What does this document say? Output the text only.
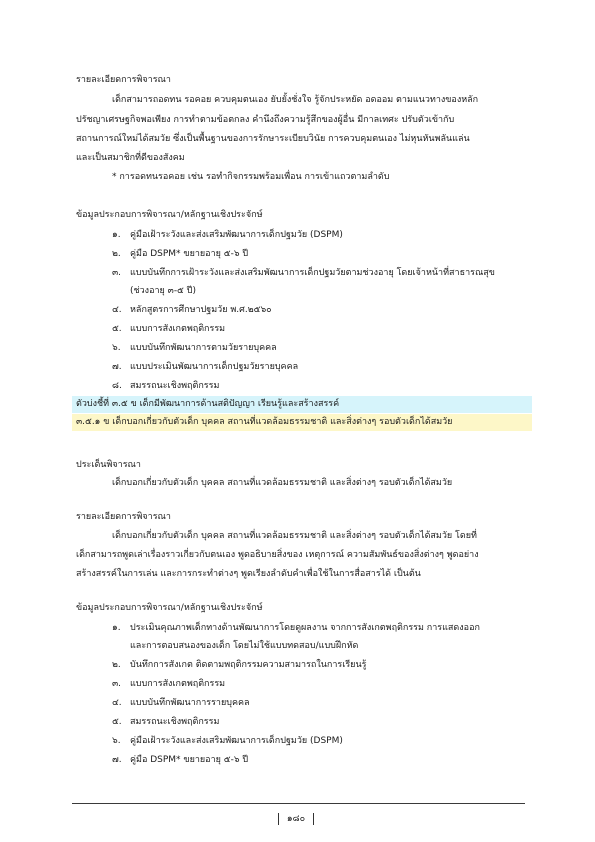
รายละเอียดการพิจารณา
เด็กสามารถอดทน รอคอย ควบคุมตนเอง ยับยั้งชั่งใจ รู้จักประหยัด อดออม ตามแนวทางของหลัก
ปรัชญาเศรษฐกิจพอเพียง การทำตามข้อตกลง คำนึงถึงความรู้สึกของผู้อื่น มีกาลเทศะ ปรับตัวเข้ากับ
สถานการณ์ใหม่ได้สมวัย ซึ่งเป็นพื้นฐานของการรักษาระเบียบวินัย การควบคุมตนเอง ไม่หุนหันพลันแล่น
และเป็นสมาชิกที่ดีของสังคม
* การอดทนรอคอย เช่น รอทำกิจกรรมพร้อมเพื่อน การเข้าแถวตามลำดับ
ข้อมูลประกอบการพิจารณา/หลักฐานเชิงประจักษ์
๑. คู่มือเฝ้าระวังและส่งเสริมพัฒนาการเด็กปฐมวัย (DSPM)
๒. คู่มือ DSPM* ขยายอายุ ๕-๖ ปี
๓. แบบบันทึกการเฝ้าระวังและส่งเสริมพัฒนาการเด็กปฐมวัยตามช่วงอายุ โดยเจ้าหน้าที่สาธารณสุข
(ช่วงอายุ ๓-๕ ปี)
๔. หลักสูตรการศึกษาปฐมวัย พ.ศ.๒๕๖๐
๕. แบบการสังเกตพฤติกรรม
๖. แบบบันทึกพัฒนาการตามวัยรายบุคคล
๗. แบบประเมินพัฒนาการเด็กปฐมวัยรายบุคคล
๘. สมรรถนะเชิงพฤติกรรม
ตัวบ่งชี้ที่ ๓.๕ ข เด็กมีพัฒนาการด้านสติปัญญา เรียนรู้และสร้างสรรค์
๓.๕.๑ ข เด็กบอกเกี่ยวกับตัวเด็ก บุคคล สถานที่แวดล้อมธรรมชาติ และสิ่งต่างๆ รอบตัวเด็กได้สมวัย
ประเด็นพิจารณา
เด็กบอกเกี่ยวกับตัวเด็ก บุคคล สถานที่แวดล้อมธรรมชาติ และสิ่งต่างๆ รอบตัวเด็กได้สมวัย
รายละเอียดการพิจารณา
เด็กบอกเกี่ยวกับตัวเด็ก บุคคล สถานที่แวดล้อมธรรมชาติ และสิ่งต่างๆ รอบตัวเด็กได้สมวัย โดยที่
เด็กสามารถพูดเล่าเรื่องราวเกี่ยวกับตนเอง พูดอธิบายสิ่งของ เหตุการณ์ ความสัมพันธ์ของสิ่งต่างๆ พูดอย่าง
สร้างสรรค์ในการเล่น และการกระทำต่างๆ พูดเรียงลำดับคำเพื่อใช้ในการสื่อสารได้ เป็นต้น
ข้อมูลประกอบการพิจารณา/หลักฐานเชิงประจักษ์
๑. ประเมินคุณภาพเด็กทางด้านพัฒนาการโดยดูผลงาน จากการสังเกตพฤติกรรม การแสดงออก
และการตอบสนองของเด็ก โดยไม่ใช้แบบทดสอบ/แบบฝึกหัด
๒. บันทึกการสังเกต ติดตามพฤติกรรมความสามารถในการเรียนรู้
๓. แบบการสังเกตพฤติกรรม
๔. แบบบันทึกพัฒนาการรายบุคคล
๕. สมรรถนะเชิงพฤติกรรม
๖. คู่มือเฝ้าระวังและส่งเสริมพัฒนาการเด็กปฐมวัย (DSPM)
๗. คู่มือ DSPM* ขยายอายุ ๕-๖ ปี
๑๘๐
